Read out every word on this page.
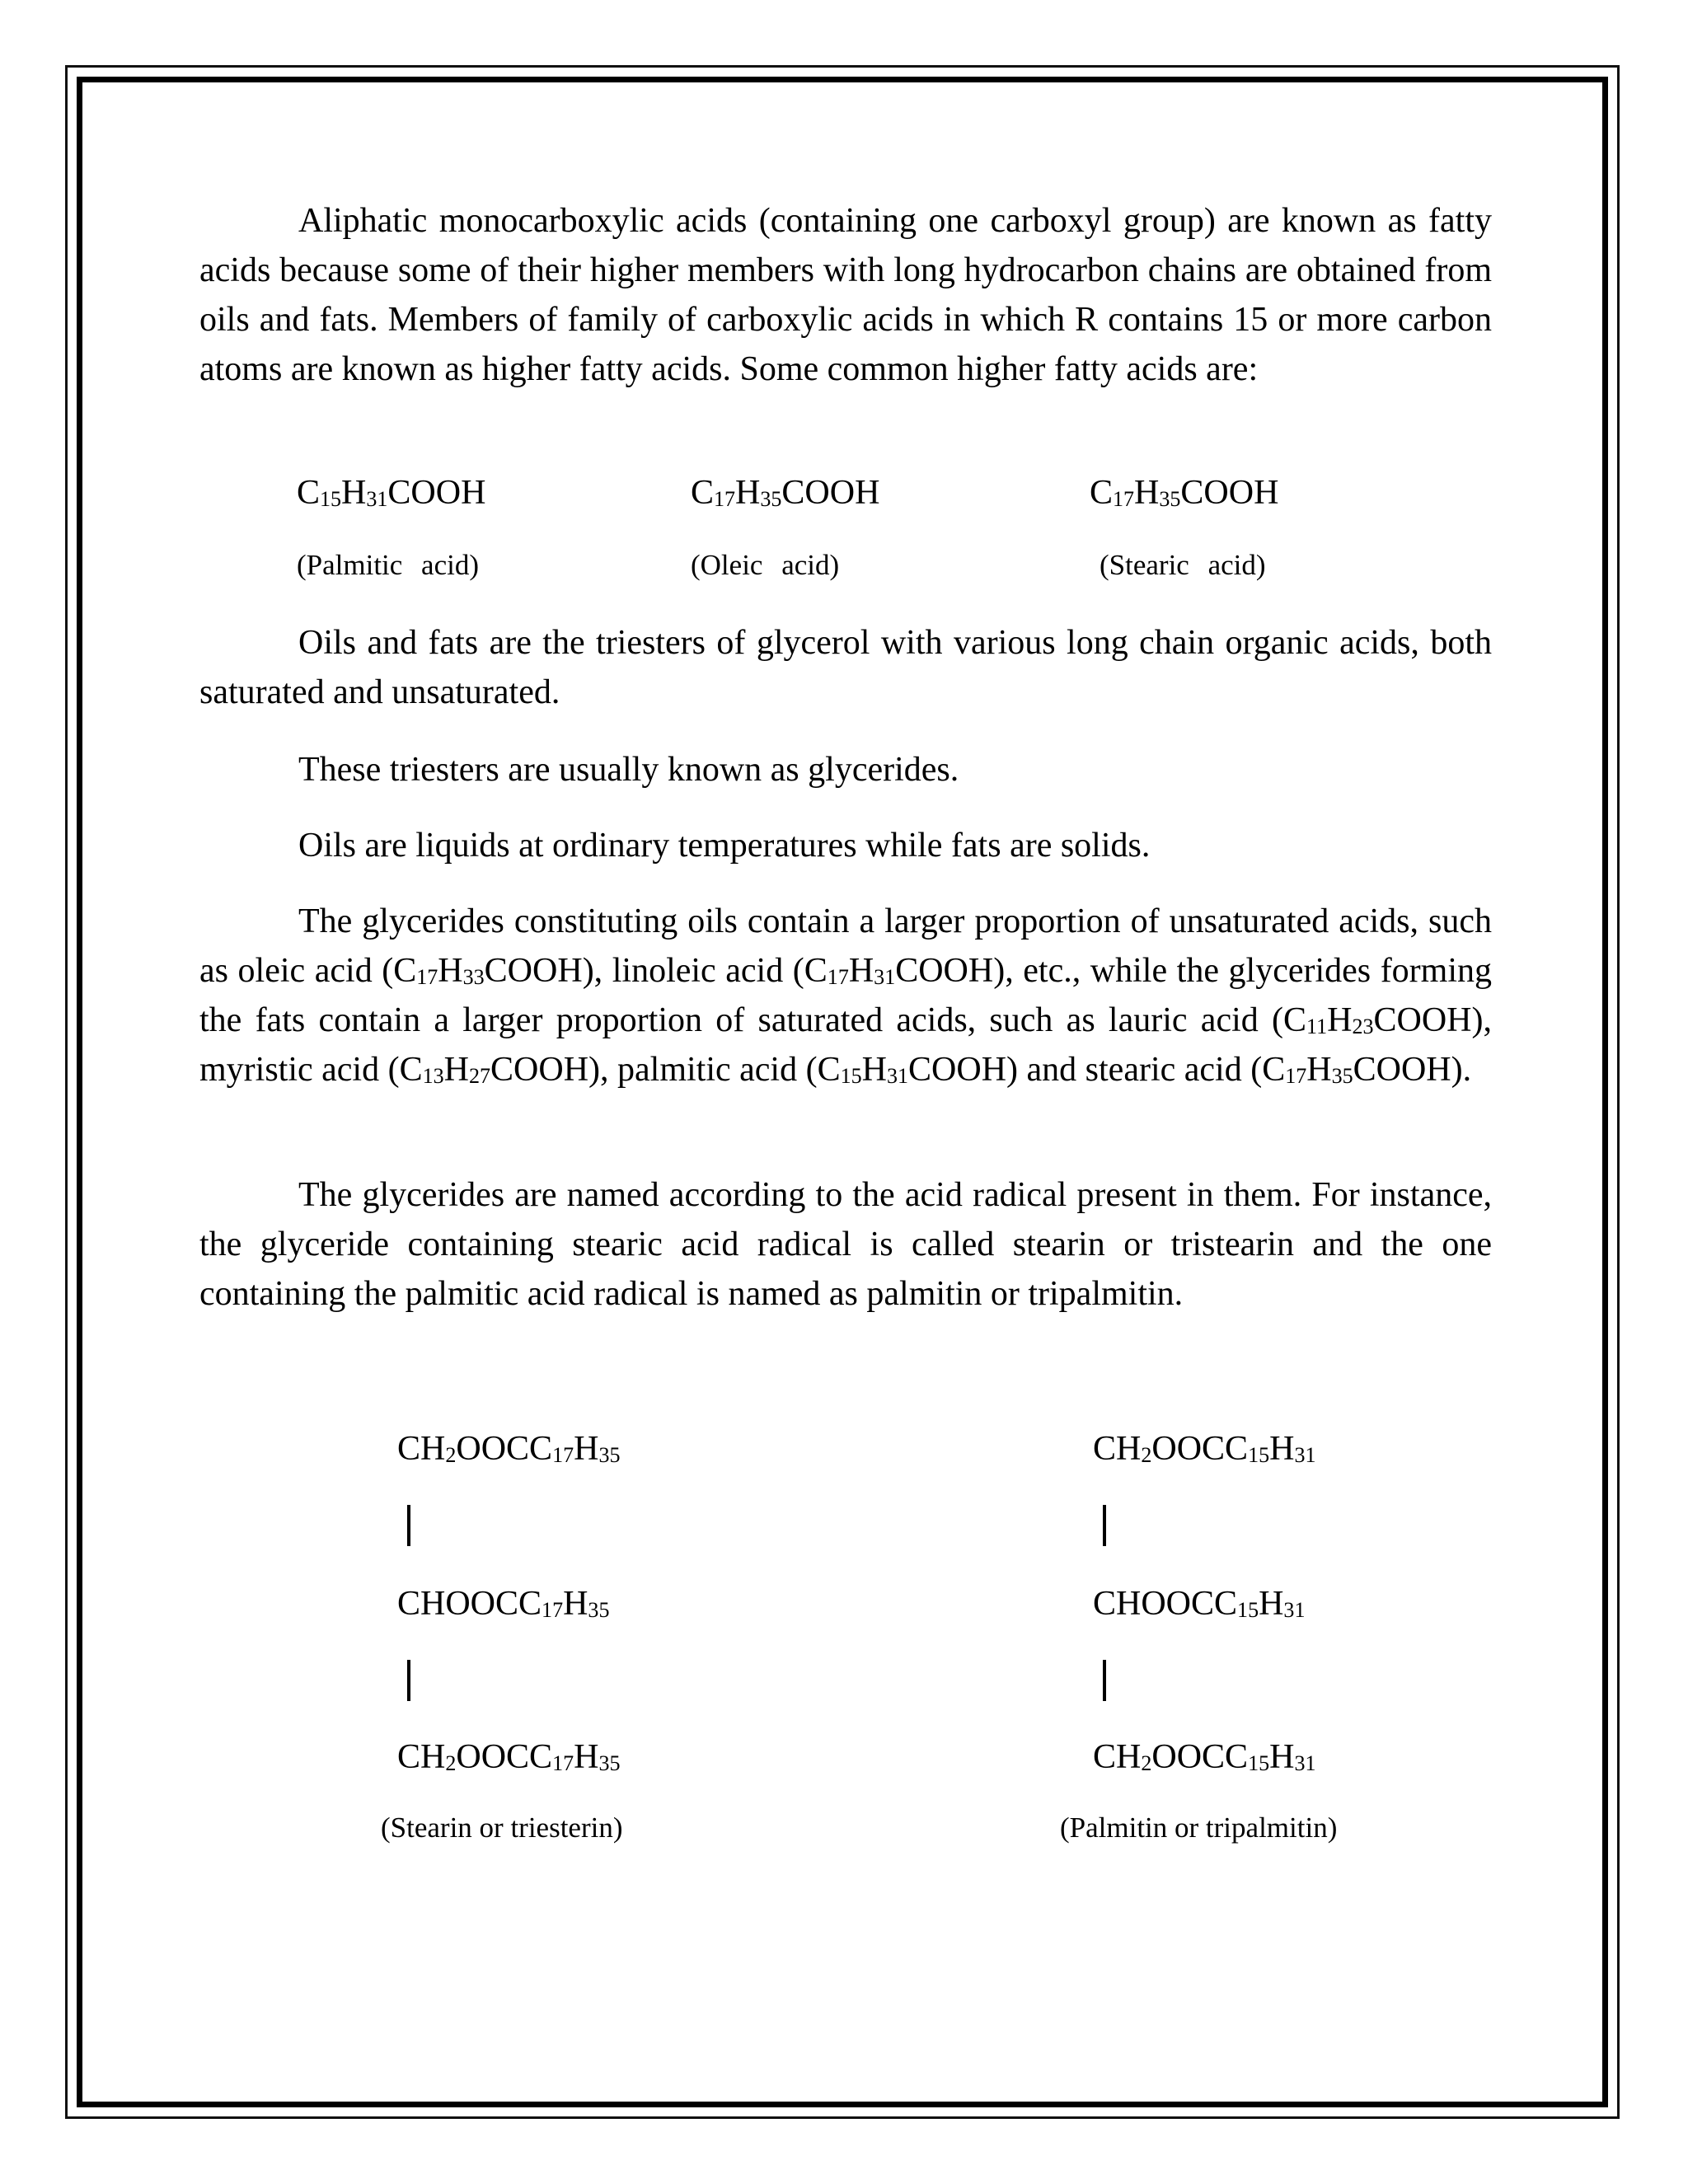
Aliphatic monocarboxylic acids (containing one carboxyl group) are known as fatty acids because some of their higher members with long hydrocarbon chains are obtained from oils and fats. Members of family of carboxylic acids in which R contains 15 or more carbon atoms are known as higher fatty acids. Some common higher fatty acids are:

$C_{15}H_{31}COOH$	$C_{17}H_{35}COOH$	$C_{17}H_{35}COOH$
(Palmitic acid)	(Oleic acid)	(Stearic acid)

Oils and fats are the triesters of glycerol with various long chain organic acids, both saturated and unsaturated.

These triesters are usually known as glycerides.

Oils are liquids at ordinary temperatures while fats are solids.

The glycerides constituting oils contain a larger proportion of unsaturated acids, such as oleic acid $(C_{17}H_{33}COOH)$, linoleic acid $(C_{17}H_{31}COOH)$, etc., while the glycerides forming the fats contain a larger proportion of saturated acids, such as lauric acid $(C_{11}H_{23}COOH)$, myristic acid $(C_{13}H_{27}COOH)$, palmitic acid $(C_{15}H_{31}COOH)$ and stearic acid $(C_{17}H_{35}COOH)$.

The glycerides are named according to the acid radical present in them. For instance, the glyceride containing stearic acid radical is called stearin or tristearin and the one containing the palmitic acid radical is named as palmitin or tripalmitin.

$CH_2OOCC_{17}H_{35}$
$CHOOCC_{17}H_{35}$
$CH_2OOCC_{17}H_{35}$
(Stearin or triesterin)
$CH_2OOCC_{15}H_{31}$
$CHOOCC_{15}H_{31}$
$CH_2OOCC_{15}H_{31}$
(Palmitin or tripalmitin)
